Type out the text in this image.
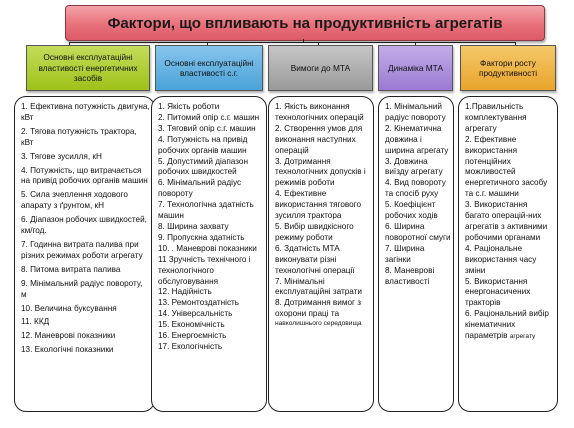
Фактори, що впливають на продуктивність агрегатів
Основні експлуатаційні властивості енергетичних засобів
Основні експлуатаційні властивості с.г.
Вимоги до МТА	Динаміка МТА
Фактори росту продуктивності

1. Ефективна потужність двигуна, кВт

2. Тягова потужність трактора, кВт

3. Тягове зусилля, кН

4. Потужність, що витрачається на привід робочих органів машин

5. Сила зчеплення ходового апарату з ґрунтом, кН

6. Діапазон робочих швидкостей, км/год.

7. Годинна витрата палива при різних режимах роботи агрегату

8. Питома витрата палива

9. Мінімальний радіус повороту, м

10. Величина буксування

11. ККД

12. Маневрові показники

13. Екологічні показники

1. Якість роботи

2. Питомий опір с.г. машин

3. Тяговий опір с.г. машин

4. Потужність на привід робочих органів машин

5. Допустимий діапазон робочих швидкостей

6. Мінімальний радіус повороту

7. Технологічна здатність машин

8. Ширина захвату

9. Пропускна здатність

10. . Маневрові показники

11 Зручність технічного і технологічного обслуговування

12. Надійність

13. Ремонтоздатність

14. Універсальність

15. Економічність

16. Енергоємність

17. Екологічність

1. Якість виконання технологічних операцій

2. Створення умов для виконання наступних операцій

3. Дотримання технологічних допусків і режимів роботи

4. Ефективне використання тягового зусилля трактора

5. Вибір швидкісного режиму роботи

6. Здатність МТА виконувати різні технологічні операції

7. Мінімальні експлуатаційні затрати

8. Дотримання вимог з охорони праці та

навколишнього середовища

1. Мінімальний радіус повороту

2. Кінематична довжина і ширина агрегату

3. Довжина виїзду агрегату

4. Вид повороту та спосіб руху

5. Коефіцієнт робочих ходів

6. Ширина поворотної смуги

7. Ширина загінки

8. Маневрові властивості

1.Правильність комплектування агрегату

2. Ефективне використання потенційних можливостей енергетичного засобу та с.г. машини

3. Використання багато операцій-них агрегатів з активними робочими органами

4. Раціональне використання часу зміни

5. Використання енергонасичених тракторів

6. Раціональний вибір кінематичних параметрів агрегату
